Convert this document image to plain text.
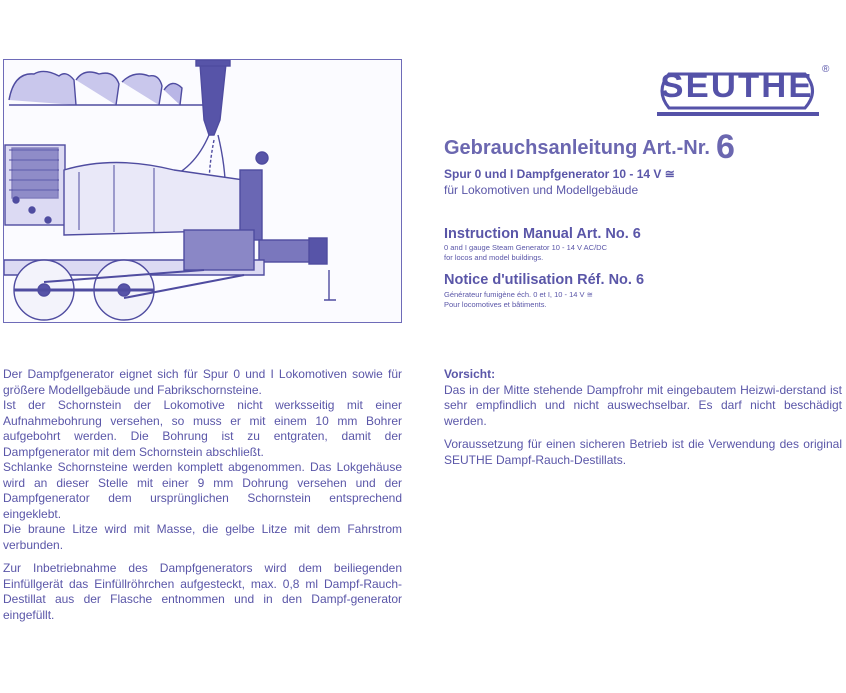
SEUTHE ®
Gebrauchsanleitung Art.-Nr. 6
Spur 0 und I Dampfgenerator 10 - 14 V ≅
für Lokomotiven und Modellgebäude
Instruction Manual Art. No. 6
0 and I gauge Steam Generator 10 - 14 V AC/DC
for locos and model buildings.
Notice d'utilisation Réf. No. 6
Générateur fumigène éch. 0 et I, 10 - 14 V ≅
Pour locomotives et bâtiments.

Der Dampfgenerator eignet sich für Spur 0 und I Lokomotiven sowie für größere Modellgebäude und Fabrikschornsteine.

Ist der Schornstein der Lokomotive nicht werksseitig mit einer Aufnahmebohrung versehen, so muss er mit einem 10 mm Bohrer aufgebohrt werden. Die Bohrung ist zu entgraten, damit der Dampfgenerator mit dem Schornstein abschließt.

Schlanke Schornsteine werden komplett abgenommen. Das Lokgehäuse wird an dieser Stelle mit einer 9 mm Dohrung versehen und der Dampfgenerator dem ursprünglichen Schornstein entsprechend eingeklebt.

Die braune Litze wird mit Masse, die gelbe Litze mit dem Fahrstrom verbunden.

Zur Inbetriebnahme des Dampfgenerators wird dem beiliegenden Einfüllgerät das Einfüllröhrchen aufgesteckt, max. 0,8 ml Dampf-Rauch-Destillat aus der Flasche entnommen und in den Dampf-generator eingefüllt.

Vorsicht:

Das in der Mitte stehende Dampfrohr mit eingebautem Heizwi-derstand ist sehr empfindlich und nicht auswechselbar. Es darf nicht beschädigt werden.

Voraussetzung für einen sicheren Betrieb ist die Verwendung des original SEUTHE Dampf-Rauch-Destillats.
